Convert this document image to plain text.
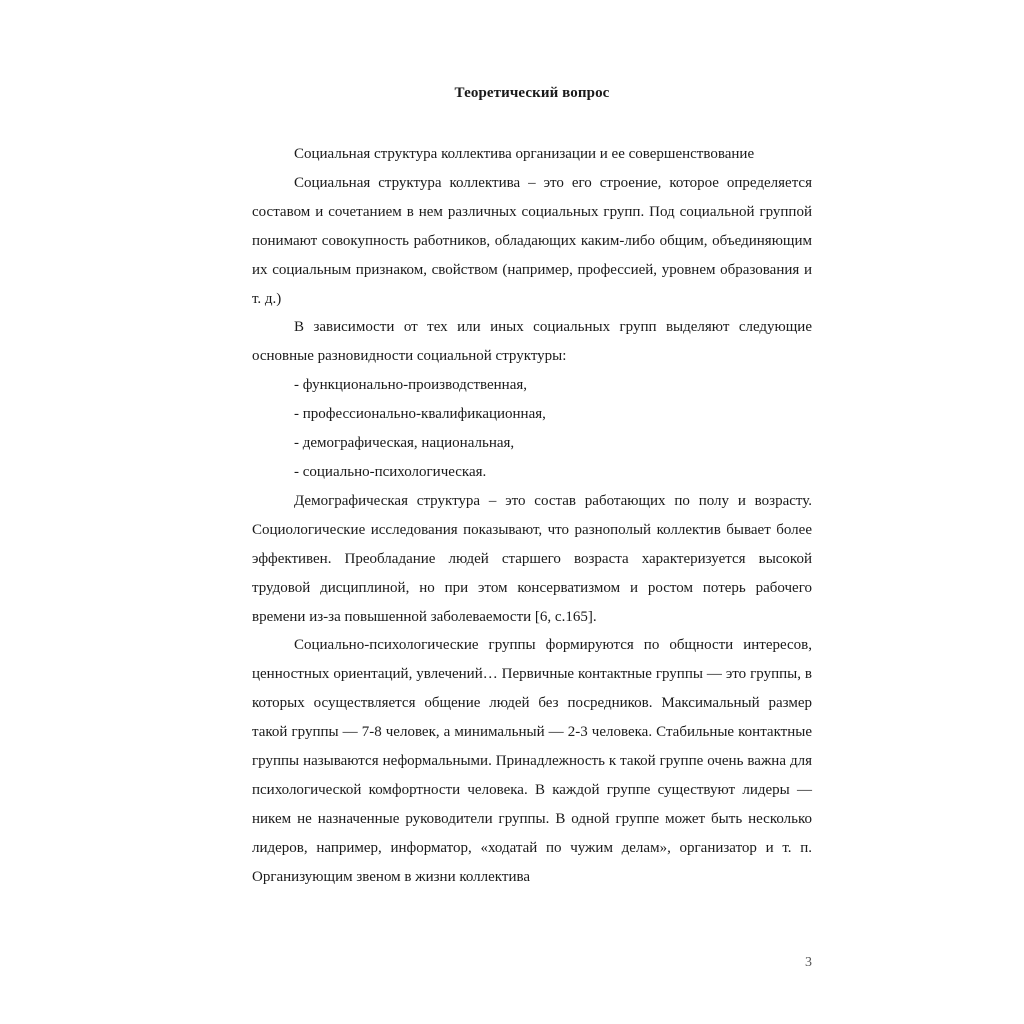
Теоретический вопрос

Социальная структура коллектива организации и ее совершенствование

Социальная структура коллектива – это его строение, которое определяется составом и сочетанием в нем различных социальных групп. Под социальной группой понимают совокупность работников, обладающих каким-либо общим, объединяющим их социальным признаком, свойством (например, профессией, уровнем образования и т. д.)

В зависимости от тех или иных социальных групп выделяют следующие основные разновидности социальной структуры:

- функционально-производственная,

- профессионально-квалификационная,

- демографическая, национальная,

- социально-психологическая.

Демографическая структура – это состав работающих по полу и возрасту. Социологические исследования показывают, что разнополый коллектив бывает более эффективен. Преобладание людей старшего возраста характеризуется высокой трудовой дисциплиной, но при этом консерватизмом и ростом потерь рабочего времени из-за повышенной заболеваемости [6, с.165].

Социально-психологические группы формируются по общности интересов, ценностных ориентаций, увлечений… Первичные контактные группы — это группы, в которых осуществляется общение людей без посредников. Максимальный размер такой группы — 7-8 человек, а минимальный — 2-3 человека. Стабильные контактные группы называются неформальными. Принадлежность к такой группе очень важна для психологической комфортности человека. В каждой группе существуют лидеры — никем не назначенные руководители группы. В одной группе может быть несколько лидеров, например, информатор, «ходатай по чужим делам», организатор и т. п. Организующим звеном в жизни коллектива

3
